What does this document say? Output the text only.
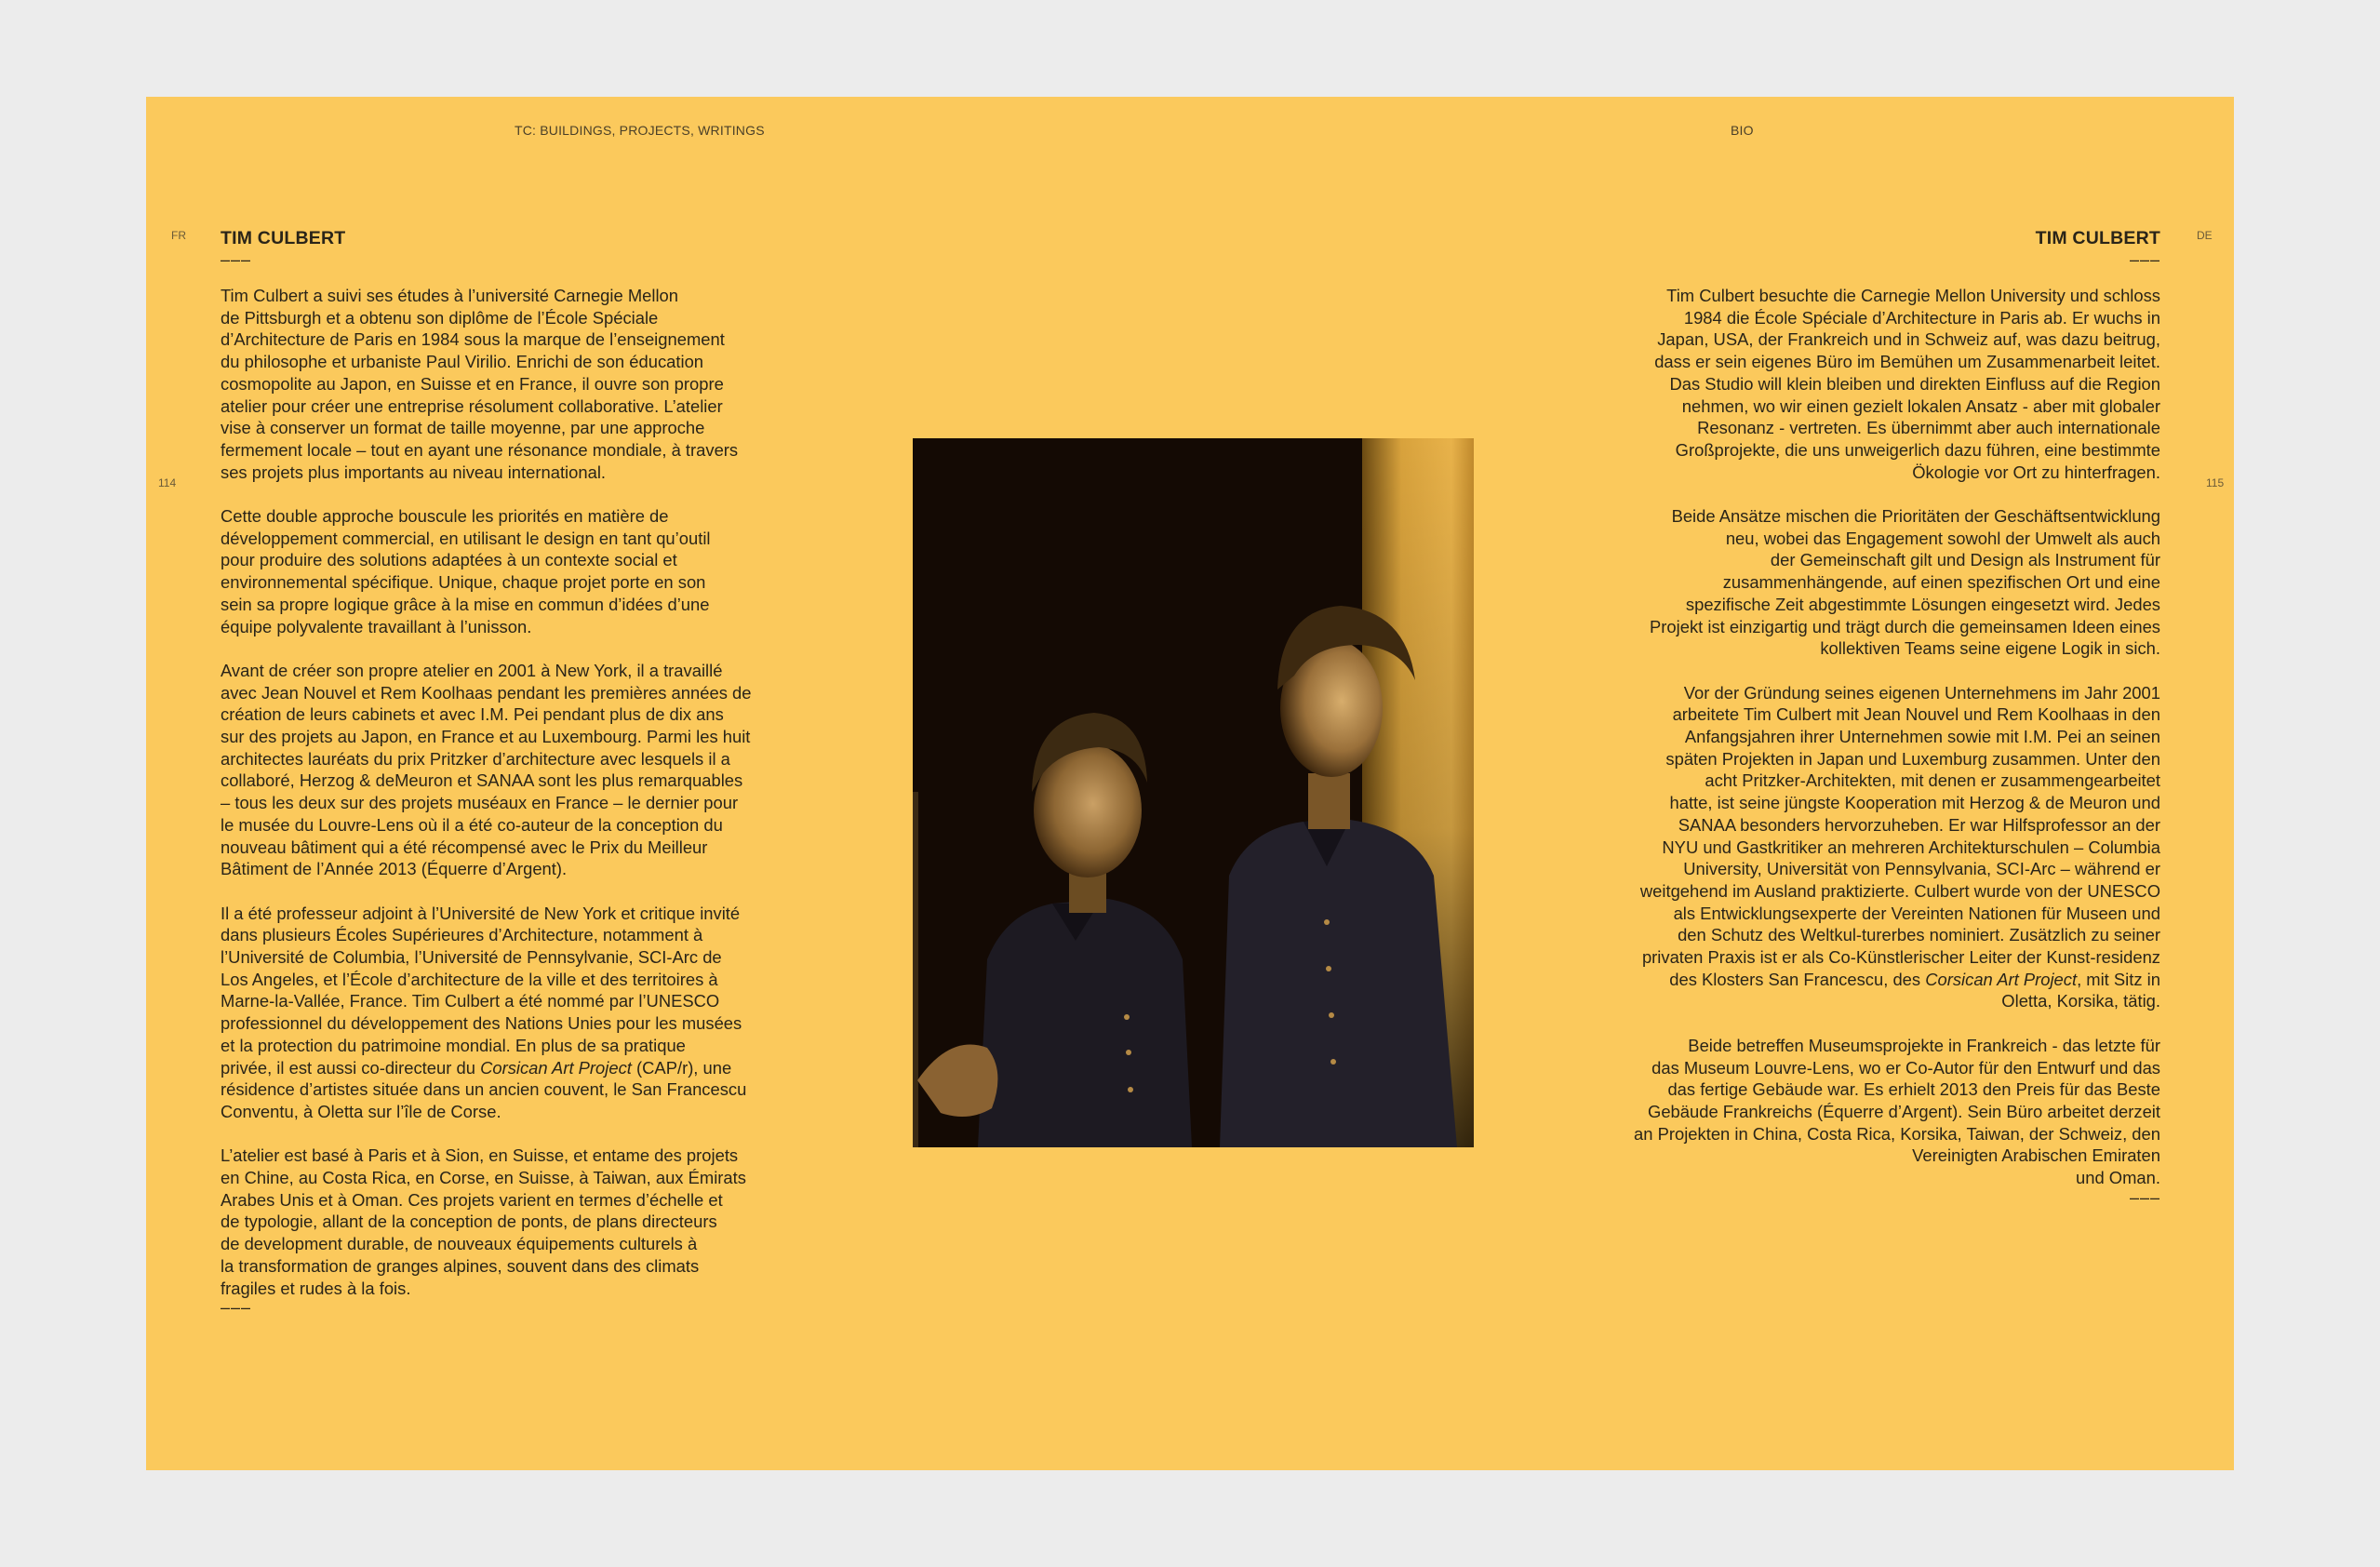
TC: BUILDINGS, PROJECTS, WRITINGS	BIO
FR	DE
114	115
TIM CULBERT
–––

Tim Culbert a suivi ses études à l’université Carnegie Mellon
de Pittsburgh et a obtenu son diplôme de l’École Spéciale
d’Architecture de Paris en 1984 sous la marque de l’enseignement
du philosophe et urbaniste Paul Virilio. Enrichi de son éducation
cosmopolite au Japon, en Suisse et en France, il ouvre son propre
atelier pour créer une entreprise résolument collaborative. L’atelier
vise à conserver un format de taille moyenne, par une approche
fermement locale – tout en ayant une résonance mondiale, à travers
ses projets plus importants au niveau international.

Cette double approche bouscule les priorités en matière de
développement commercial, en utilisant le design en tant qu’outil
pour produire des solutions adaptées à un contexte social et
environnemental spécifique. Unique, chaque projet porte en son
sein sa propre logique grâce à la mise en commun d’idées d’une
équipe polyvalente travaillant à l’unisson.

Avant de créer son propre atelier en 2001 à New York, il a travaillé
avec Jean Nouvel et Rem Koolhaas pendant les premières années de
création de leurs cabinets et avec I.M. Pei pendant plus de dix ans
sur des projets au Japon, en France et au Luxembourg. Parmi les huit
architectes lauréats du prix Pritzker d’architecture avec lesquels il a
collaboré, Herzog & deMeuron et SANAA sont les plus remarquables
– tous les deux sur des projets muséaux en France – le dernier pour
le musée du Louvre-Lens où il a été co-auteur de la conception du
nouveau bâtiment qui a été récompensé avec le Prix du Meilleur
Bâtiment de l’Année 2013 (Équerre d’Argent).

Il a été professeur adjoint à l’Université de New York et critique invité
dans plusieurs Écoles Supérieures d’Architecture, notamment à
l’Université de Columbia, l’Université de Pennsylvanie, SCI-Arc de
Los Angeles, et l’École d’architecture de la ville et des territoires à
Marne-la-Vallée, France. Tim Culbert a été nommé par l’UNESCO
professionnel du développement des Nations Unies pour les musées
et la protection du patrimoine mondial. En plus de sa pratique
privée, il est aussi co-directeur du Corsican Art Project (CAP/r), une
résidence d’artistes située dans un ancien couvent, le San Francescu
Conventu, à Oletta sur l’île de Corse.

L’atelier est basé à Paris et à Sion, en Suisse, et entame des projets
en Chine, au Costa Rica, en Corse, en Suisse, à Taiwan, aux Émirats
Arabes Unis et à Oman. Ces projets varient en termes d’échelle et
de typologie, allant de la conception de ponts, de plans directeurs
de development durable, de nouveaux équipements culturels à
la transformation de granges alpines, souvent dans des climats
fragiles et rudes à la fois.

–––
TIM CULBERT
–––

Tim Culbert besuchte die Carnegie Mellon University und schloss
1984 die École Spéciale d’Architecture in Paris ab. Er wuchs in
Japan, USA, der Frankreich und in Schweiz auf, was dazu beitrug,
dass er sein eigenes Büro im Bemühen um Zusammenarbeit leitet.
Das Studio will klein bleiben und direkten Einfluss auf die Region
nehmen, wo wir einen gezielt lokalen Ansatz - aber mit globaler
Resonanz - vertreten. Es übernimmt aber auch internationale
Großprojekte, die uns unweigerlich dazu führen, eine bestimmte
Ökologie vor Ort zu hinterfragen.

Beide Ansätze mischen die Prioritäten der Geschäftsentwicklung
neu, wobei das Engagement sowohl der Umwelt als auch
der Gemeinschaft gilt und Design als Instrument für
zusammenhängende, auf einen spezifischen Ort und eine
spezifische Zeit abgestimmte Lösungen eingesetzt wird. Jedes
Projekt ist einzigartig und trägt durch die gemeinsamen Ideen eines
kollektiven Teams seine eigene Logik in sich.

Vor der Gründung seines eigenen Unternehmens im Jahr 2001
arbeitete Tim Culbert mit Jean Nouvel und Rem Koolhaas in den
Anfangsjahren ihrer Unternehmen sowie mit I.M. Pei an seinen
späten Projekten in Japan und Luxemburg zusammen. Unter den
acht Pritzker-Architekten, mit denen er zusammengearbeitet
hatte, ist seine jüngste Kooperation mit Herzog & de Meuron und
SANAA besonders hervorzuheben. Er war Hilfsprofessor an der
NYU und Gastkritiker an mehreren Architekturschulen – Columbia
University, Universität von Pennsylvania, SCI-Arc – während er
weitgehend im Ausland praktizierte. Culbert wurde von der UNESCO
als Entwicklungsexperte der Vereinten Nationen für Museen und
den Schutz des Weltkul-turerbes nominiert. Zusätzlich zu seiner
privaten Praxis ist er als Co-Künstlerischer Leiter der Kunst-residenz
des Klosters San Francescu, des Corsican Art Project, mit Sitz in
Oletta, Korsika, tätig.

Beide betreffen Museumsprojekte in Frankreich - das letzte für
das Museum Louvre-Lens, wo er Co-Autor für den Entwurf und das
das fertige Gebäude war. Es erhielt 2013 den Preis für das Beste
Gebäude Frankreichs (Équerre d’Argent). Sein Büro arbeitet derzeit
an Projekten in China, Costa Rica, Korsika, Taiwan, der Schweiz, den
Vereinigten Arabischen Emiraten
und Oman.

–––
